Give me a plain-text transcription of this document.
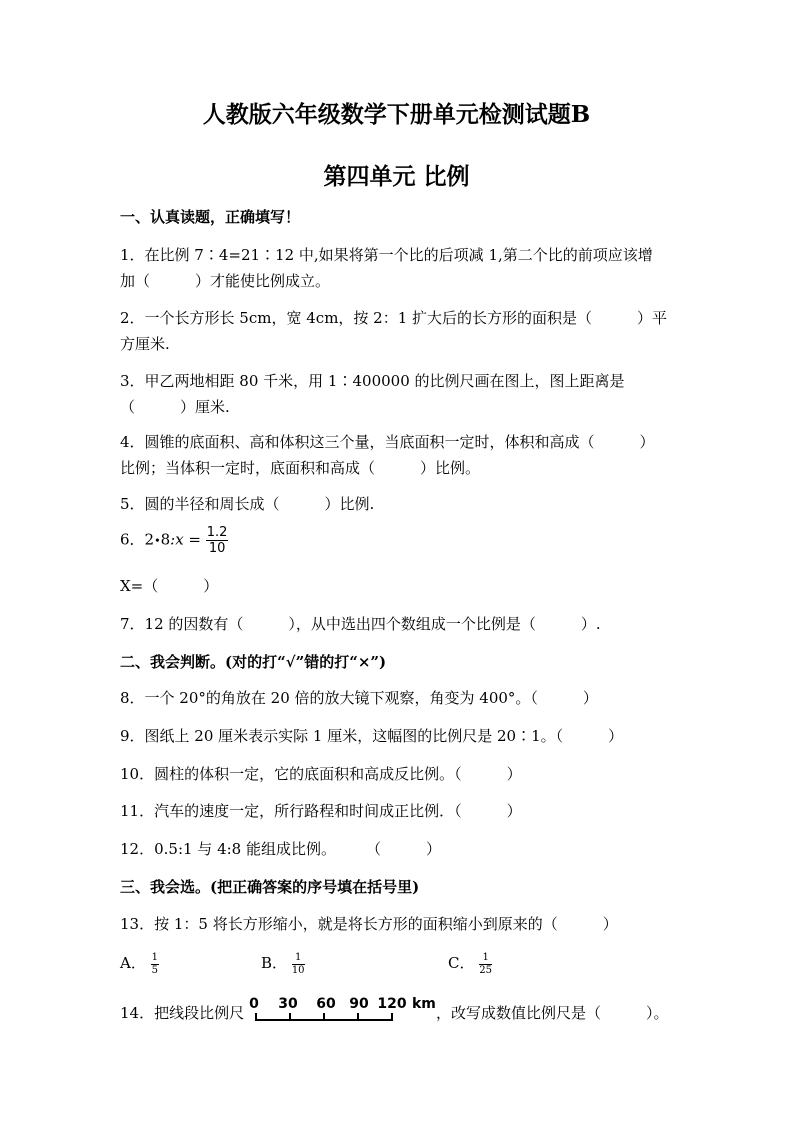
人教版六年级数学下册单元检测试题B
第四单元 比例
一、认真读题，正确填写！
1．在比例 7∶4=21∶12 中,如果将第一个比的后项减 1,第二个比的前项应该增
加（　　　）才能使比例成立。
2．一个长方形长 5cm，宽 4cm，按 2：1 扩大后的长方形的面积是（　　　）平
方厘米.
3．甲乙两地相距 80 千米，用 1∶400000 的比例尺画在图上，图上距离是
（　　　）厘米.
4．圆锥的底面积、高和体积这三个量，当底面积一定时，体积和高成（　　　）
比例；当体积一定时，底面积和高成（　　　）比例。
5．圆的半径和周长成（　　　）比例.
6．2•8:x = $\frac{1.2}{10}$
X=（　　　）
7．12 的因数有（　　　），从中选出四个数组成一个比例是（　　　）.
二、我会判断。(对的打“√”错的打“×”)
8．一个 20°的角放在 20 倍的放大镜下观察，角变为 400°。（　　　）
9．图纸上 20 厘米表示实际 1 厘米，这幅图的比例尺是 20∶1。（　　　）
10．圆柱的体积一定，它的底面积和高成反比例。（　　　）
11．汽车的速度一定，所行路程和时间成正比例．（　　　）
12．0.5:1 与 4:8 能组成比例。　　　（　　　）
三、我会选。(把正确答案的序号填在括号里)
13．按 1：5 将长方形缩小，就是将长方形的面积缩小到原来的（　　　）
A． $\frac{1}{5}$	B． $\frac{1}{10}$	C． $\frac{1}{25}$
14．把线段比例尺 0 30 60 90 120 km ，改写成数值比例尺是（　　　）。
